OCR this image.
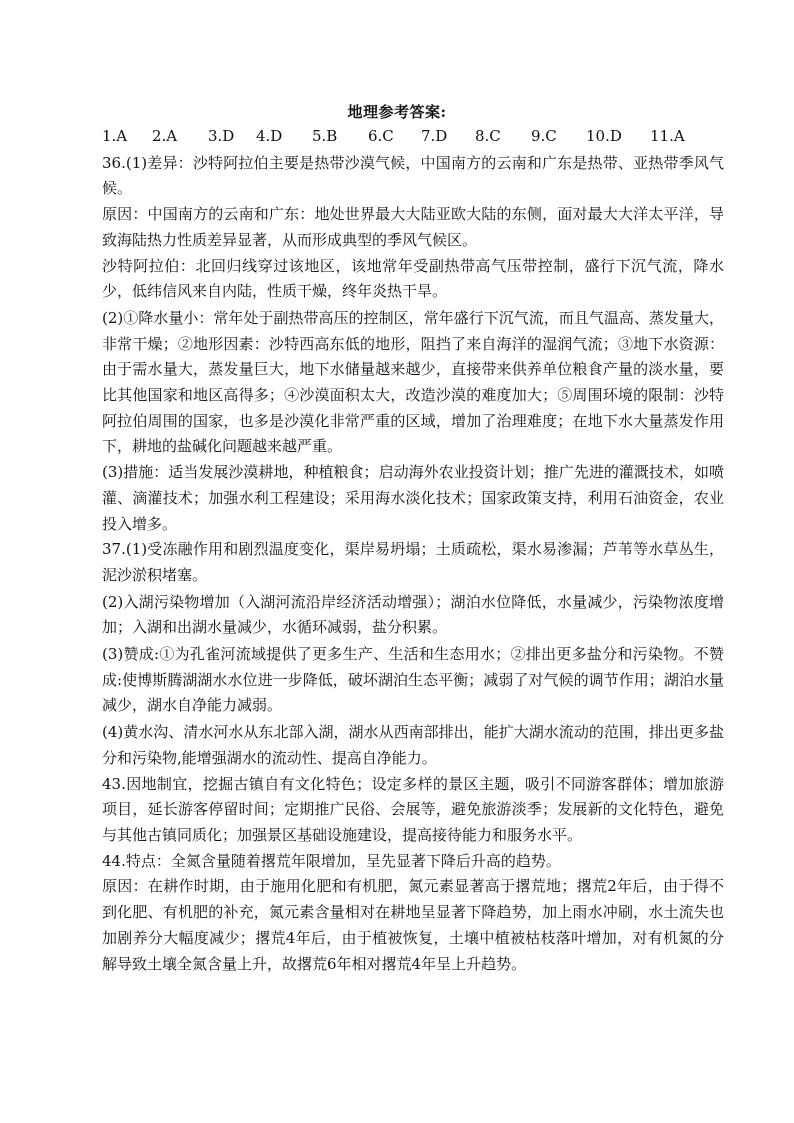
地理参考答案:
1.A 2.A 3.D 4.D 5.B 6.C 7.D 8.C 9.C 10.D 11.A

36.(1)差异：沙特阿拉伯主要是热带沙漠气候，中国南方的云南和广东是热带、亚热带季风气候。

原因：中国南方的云南和广东：地处世界最大大陆亚欧大陆的东侧，面对最大大洋太平洋，导致海陆热力性质差异显著，从而形成典型的季风气候区。

沙特阿拉伯：北回归线穿过该地区，该地常年受副热带高气压带控制，盛行下沉气流，降水少，低纬信风来自内陆，性质干燥，终年炎热干旱。

(2)①降水量小：常年处于副热带高压的控制区，常年盛行下沉气流，而且气温高、蒸发量大，非常干燥；②地形因素：沙特西高东低的地形，阻挡了来自海洋的湿润气流；③地下水资源：由于需水量大，蒸发量巨大，地下水储量越来越少，直接带来供养单位粮食产量的淡水量，要比其他国家和地区高得多；④沙漠面积太大，改造沙漠的难度加大；⑤周围环境的限制：沙特阿拉伯周围的国家，也多是沙漠化非常严重的区域，增加了治理难度；在地下水大量蒸发作用下，耕地的盐碱化问题越来越严重。

(3)措施：适当发展沙漠耕地，种植粮食；启动海外农业投资计划；推广先进的灌溉技术，如喷灌、滴灌技术；加强水利工程建设；采用海水淡化技术；国家政策支持，利用石油资金，农业投入增多。

37.(1)受冻融作用和剧烈温度变化，渠岸易坍塌；土质疏松，渠水易渗漏；芦苇等水草丛生，泥沙淤积堵塞。

(2)入湖污染物增加（入湖河流沿岸经济活动增强）；湖泊水位降低，水量减少，污染物浓度增加；入湖和出湖水量减少，水循环减弱，盐分积累。

(3)赞成:①为孔雀河流域提供了更多生产、生活和生态用水；②排出更多盐分和污染物。不赞成:使博斯腾湖湖水水位进一步降低，破坏湖泊生态平衡；减弱了对气候的调节作用；湖泊水量减少，湖水自净能力减弱。

(4)黄水沟、清水河水从东北部入湖，湖水从西南部排出，能扩大湖水流动的范围，排出更多盐分和污染物,能增强湖水的流动性、提高自净能力。

43.因地制宜，挖掘古镇自有文化特色；设定多样的景区主题，吸引不同游客群体；增加旅游项目，延长游客停留时间；定期推广民俗、会展等，避免旅游淡季；发展新的文化特色，避免与其他古镇同质化；加强景区基础设施建设，提高接待能力和服务水平。

44.特点：全氮含量随着撂荒年限增加，呈先显著下降后升高的趋势。

原因：在耕作时期，由于施用化肥和有机肥，氮元素显著高于撂荒地；撂荒2年后，由于得不到化肥、有机肥的补充，氮元素含量相对在耕地呈显著下降趋势，加上雨水冲刷，水土流失也加剧养分大幅度减少；撂荒4年后，由于植被恢复，土壤中植被枯枝落叶增加，对有机氮的分解导致土壤全氮含量上升，故撂荒6年相对撂荒4年呈上升趋势。
